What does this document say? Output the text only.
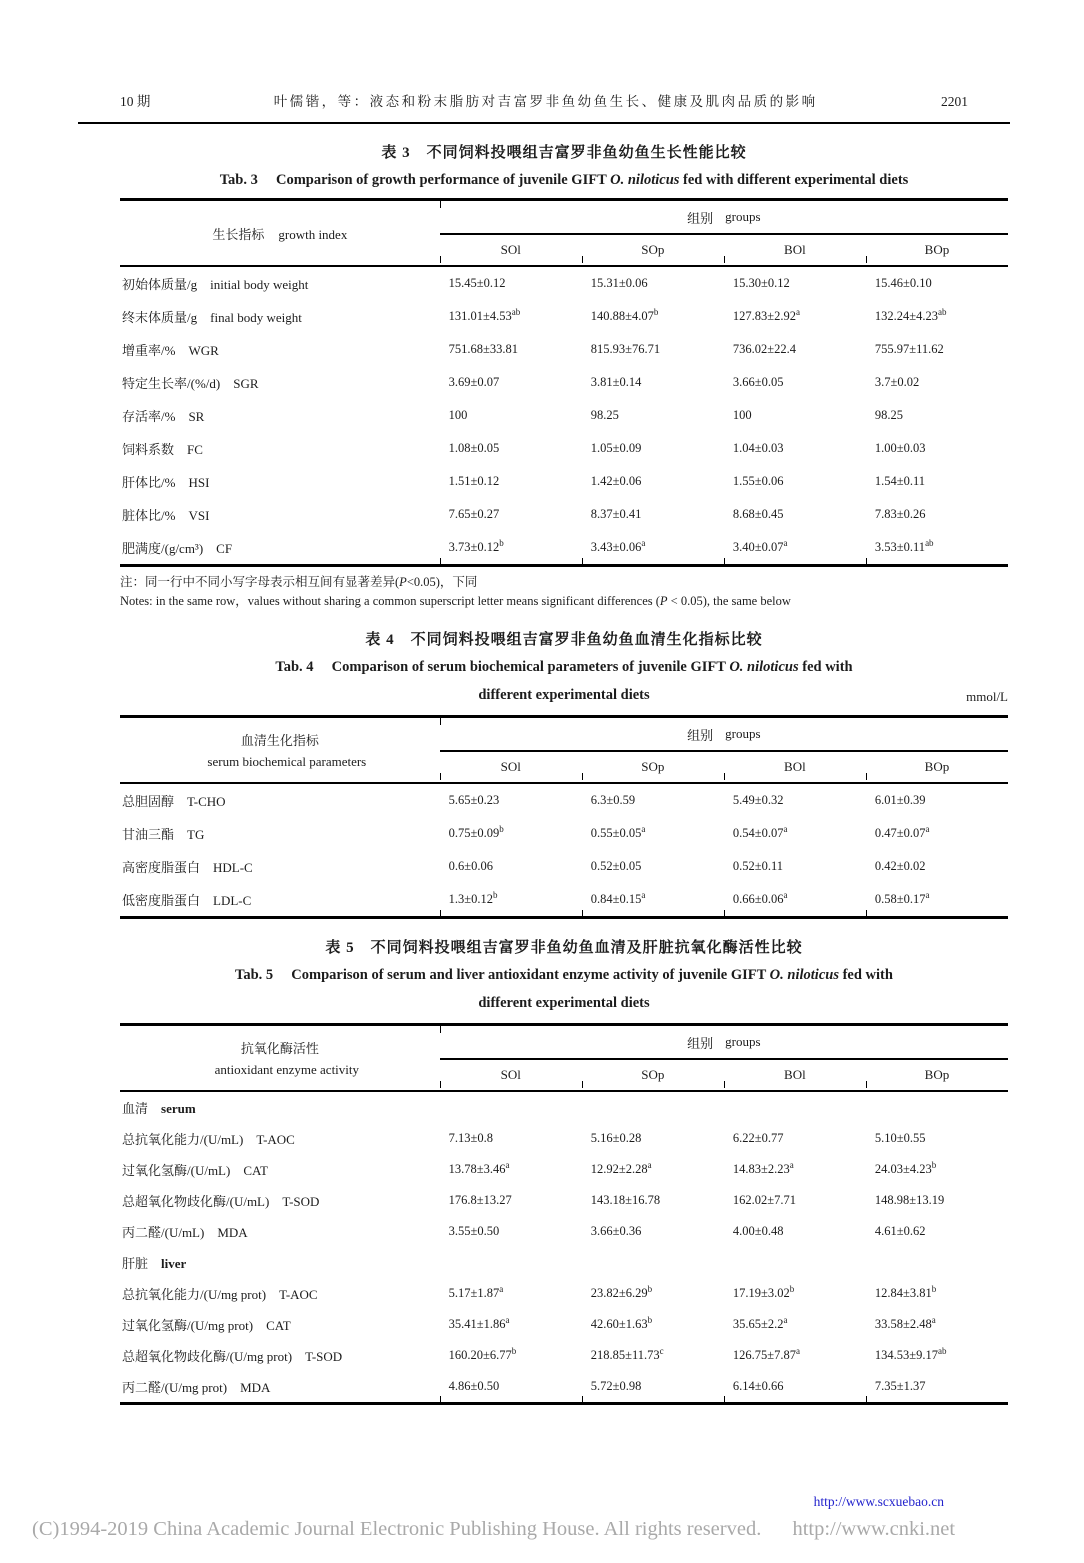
10 期	叶儒锴，等：液态和粉末脂肪对吉富罗非鱼幼鱼生长、健康及肌肉品质的影响	2201
表 3　不同饲料投喂组吉富罗非鱼幼鱼生长性能比较
Tab. 3　 Comparison of growth performance of juvenile GIFT O. niloticus fed with different experimental diets
生长指标 growth index
组别 groups
SOl	SOp	BOl	BOp
初始体质量/g initial body weight	15.45±0.12	15.31±0.06	15.30±0.12	15.46±0.10
终末体质量/g final body weight	131.01±4.53$^{ab}$	140.88±4.07$^b$	127.83±2.92$^a$	132.24±4.23$^{ab}$
增重率/% WGR	751.68±33.81	815.93±76.71	736.02±22.4	755.97±11.62
特定生长率/(%/d) SGR	3.69±0.07	3.81±0.14	3.66±0.05	3.7±0.02
存活率/% SR	100	98.25	100	98.25
饲料系数 FC	1.08±0.05	1.05±0.09	1.04±0.03	1.00±0.03
肝体比/% HSI	1.51±0.12	1.42±0.06	1.55±0.06	1.54±0.11
脏体比/% VSI	7.65±0.27	8.37±0.41	8.68±0.45	7.83±0.26
肥满度/(g/cm³) CF	3.73±0.12$^b$	3.43±0.06$^a$	3.40±0.07$^a$	3.53±0.11$^{ab}$
注：同一行中不同小写字母表示相互间有显著差异(P<0.05)，下同
Notes: in the same row，values without sharing a common superscript letter means significant differences (P < 0.05), the same below
表 4　不同饲料投喂组吉富罗非鱼幼鱼血清生化指标比较
Tab. 4　 Comparison of serum biochemical parameters of juvenile GIFT O. niloticus fed with
different experimental diets	mmol/L
血清生化指标
serum biochemical parameters
组别 groups
SOl	SOp	BOl	BOp
总胆固醇 T-CHO	5.65±0.23	6.3±0.59	5.49±0.32	6.01±0.39
甘油三酯 TG	0.75±0.09$^b$	0.55±0.05$^a$	0.54±0.07$^a$	0.47±0.07$^a$
高密度脂蛋白 HDL-C	0.6±0.06	0.52±0.05	0.52±0.11	0.42±0.02
低密度脂蛋白 LDL-C	1.3±0.12$^b$	0.84±0.15$^a$	0.66±0.06$^a$	0.58±0.17$^a$
表 5　不同饲料投喂组吉富罗非鱼幼鱼血清及肝脏抗氧化酶活性比较
Tab. 5　 Comparison of serum and liver antioxidant enzyme activity of juvenile GIFT O. niloticus fed with
different experimental diets
抗氧化酶活性
antioxidant enzyme activity
组别 groups
SOl	SOp	BOl	BOp
血清 serum
总抗氧化能力/(U/mL) T-AOC	7.13±0.8	5.16±0.28	6.22±0.77	5.10±0.55
过氧化氢酶/(U/mL) CAT	13.78±3.46$^a$	12.92±2.28$^a$	14.83±2.23$^a$	24.03±4.23$^b$
总超氧化物歧化酶/(U/mL) T-SOD	176.8±13.27	143.18±16.78	162.02±7.71	148.98±13.19
丙二醛/(U/mL) MDA	3.55±0.50	3.66±0.36	4.00±0.48	4.61±0.62
肝脏 liver
总抗氧化能力/(U/mg prot) T-AOC	5.17±1.87$^a$	23.82±6.29$^b$	17.19±3.02$^b$	12.84±3.81$^b$
过氧化氢酶/(U/mg prot) CAT	35.41±1.86$^a$	42.60±1.63$^b$	35.65±2.2$^a$	33.58±2.48$^a$
总超氧化物歧化酶/(U/mg prot) T-SOD	160.20±6.77$^b$	218.85±11.73$^c$	126.75±7.87$^a$	134.53±9.17$^{ab}$
丙二醛/(U/mg prot) MDA	4.86±0.50	5.72±0.98	6.14±0.66	7.35±1.37
http://www.scxuebao.cn
(C)1994-2019 China Academic Journal Electronic Publishing House. All rights reserved. http://www.cnki.net
